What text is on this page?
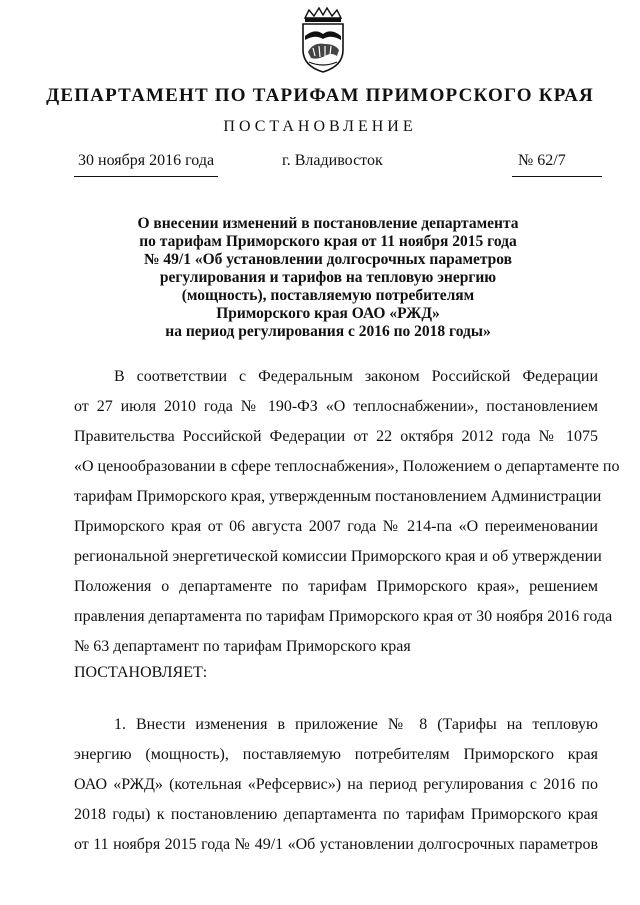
ДЕПАРТАМЕНТ ПО ТАРИФАМ ПРИМОРСКОГО КРАЯ
ПОСТАНОВЛЕНИЕ
30 ноября 2016 года	г. Владивосток	№ 62/7
О внесении изменений в постановление департамента
по тарифам Приморского края от 11 ноября 2015 года
№ 49/1 «Об установлении долгосрочных параметров
регулирования и тарифов на тепловую энергию
(мощность), поставляемую потребителям
Приморского края ОАО «РЖД»
на период регулирования с 2016 по 2018 годы»
В соответствии с Федеральным законом Российской Федерации
от 27 июля 2010 года № 190-ФЗ «О теплоснабжении», постановлением
Правительства Российской Федерации от 22 октября 2012 года № 1075
«О ценообразовании в сфере теплоснабжения», Положением о департаменте по
тарифам Приморского края, утвержденным постановлением Администрации
Приморского края от 06 августа 2007 года № 214-па «О переименовании
региональной энергетической комиссии Приморского края и об утверждении
Положения о департаменте по тарифам Приморского края», решением
правления департамента по тарифам Приморского края от 30 ноября 2016 года
№ 63 департамент по тарифам Приморского края
ПОСТАНОВЛЯЕТ:
1. Внести изменения в приложение № 8 (Тарифы на тепловую
энергию (мощность), поставляемую потребителям Приморского края
ОАО «РЖД» (котельная «Рефсервис») на период регулирования с 2016 по
2018 годы) к постановлению департамента по тарифам Приморского края
от 11 ноября 2015 года № 49/1 «Об установлении долгосрочных параметров
